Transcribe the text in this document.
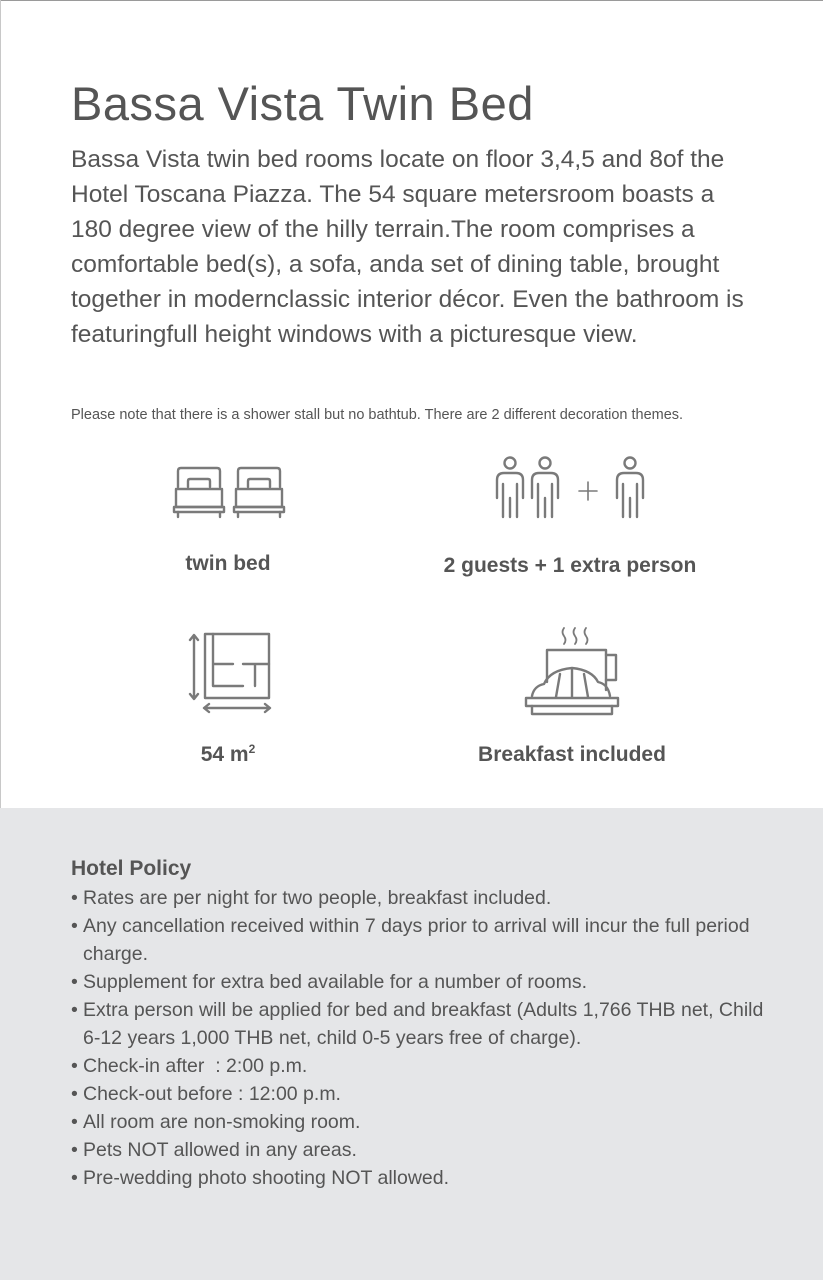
Bassa Vista Twin Bed

Bassa Vista twin bed rooms locate on floor 3,4,5 and 8of the Hotel Toscana Piazza. The 54 square metersroom boasts a 180 degree view of the hilly terrain.The room comprises a comfortable bed(s), a sofa, anda set of dining table, brought together in modernclassic interior décor. Even the bathroom is featuringfull height windows with a picturesque view.

Please note that there is a shower stall but no bathtub. There are 2 different decoration themes.

twin bed	2 guests + 1 extra person
54 $m^2$	Breakfast included
Hotel Policy
• Rates are per night for two people, breakfast included.
• Any cancellation received within 7 days prior to arrival will incur the full period charge.
• Supplement for extra bed available for a number of rooms.
• Extra person will be applied for bed and breakfast (Adults 1,766 THB net, Child 6-12 years 1,000 THB net, child 0-5 years free of charge).
• Check-in after  : 2:00 p.m.
• Check-out before : 12:00 p.m.
• All room are non-smoking room.
• Pets NOT allowed in any areas.
• Pre-wedding photo shooting NOT allowed.
